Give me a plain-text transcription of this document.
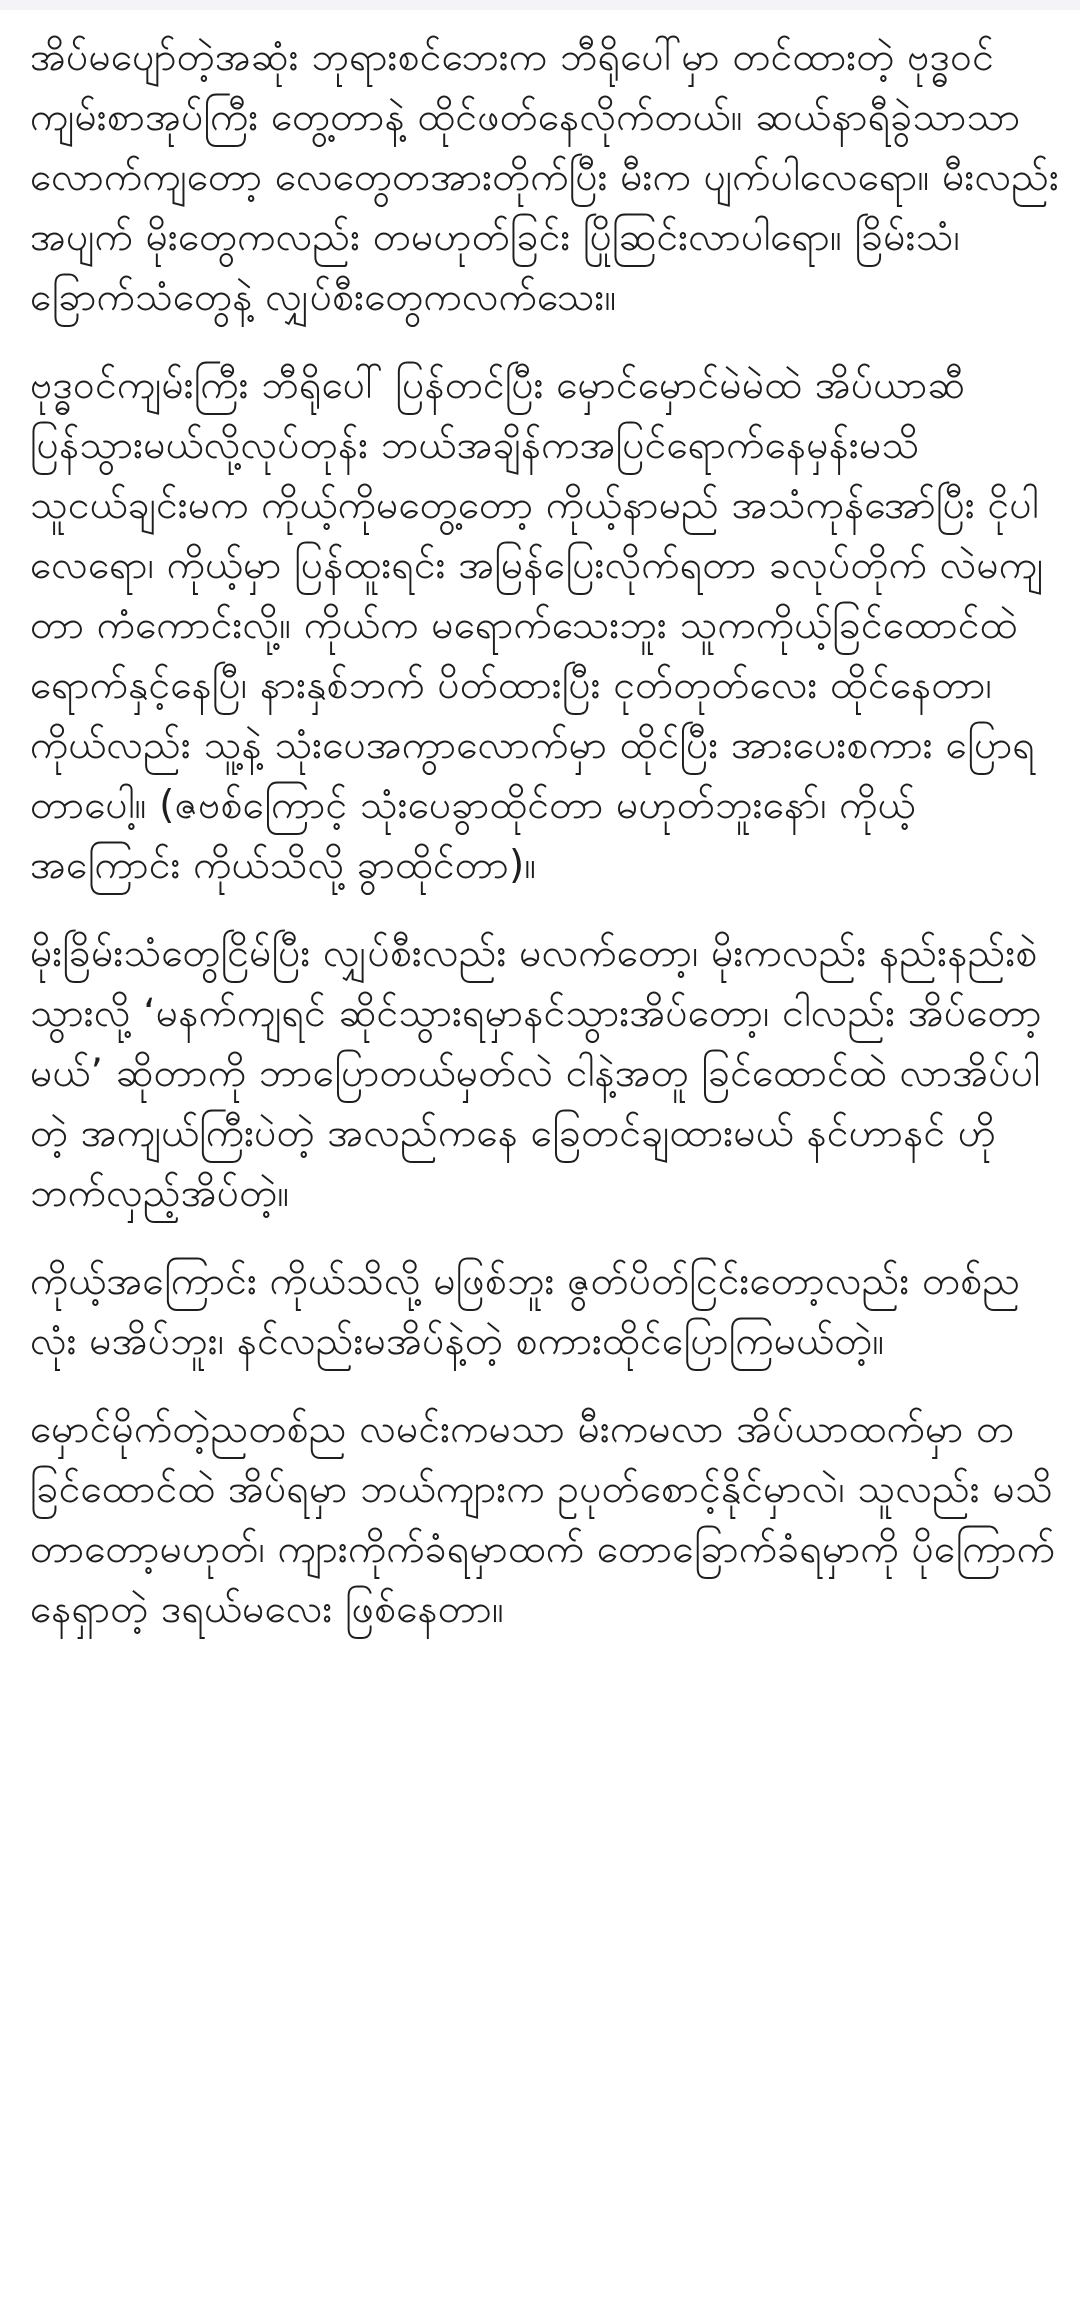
အိပ်မပျော်တဲ့အဆုံး ဘုရားစင်ဘေးက ဘီရိုပေါ်မှာ တင်ထားတဲ့ ဗုဒ္ဓဝင် ကျမ်းစာအုပ်ကြီး တွေ့တာနဲ့ ထိုင်ဖတ်နေလိုက်တယ်။ ဆယ်နာရီခွဲသာသာလောက်ကျတော့ လေတွေတအားတိုက်ပြီး မီးက ပျက်ပါလေရော။ မီးလည်းအပျက် မိုးတွေကလည်း တမဟုတ်ခြင်း ပြိုဆြင်းလာပါရော။ ခြိမ်းသံ၊ ခြောက်သံတွေနဲ့ လျှပ်စီးတွေကလက်သေး။

ဗုဒ္ဓဝင်ကျမ်းကြီး ဘီရိုပေါ် ပြန်တင်ပြီး မှောင်မှောင်မဲမဲထဲ အိပ်ယာဆီ ပြန်သွားမယ်လို့လုပ်တုန်း ဘယ်အချိန်ကအပြင်ရောက်နေမှန်းမသိ သူငယ်ချင်းမက ကိုယ့်ကိုမတွေ့တော့ ကိုယ့်နာမည် အသံကုန်အော်ပြီး ငိုပါလေရော၊ ကိုယ့်မှာ ပြန်ထူးရင်း အမြန်ပြေးလိုက်ရတာ ခလုပ်တိုက် လဲမကျတာ ကံကောင်းလို့။ ကိုယ်က မရောက်သေးဘူး သူကကိုယ့်ခြင်ထောင်ထဲ ရောက်နှင့်နေပြီ၊ နားနှစ်ဘက် ပိတ်ထားပြီး ငုတ်တုတ်လေး ထိုင်နေတာ၊ ကိုယ်လည်း သူ့နဲ့ သုံးပေအကွာလောက်မှာ ထိုင်ပြီး အားပေးစကား ပြောရတာပေါ့။ (ဇဗစ်ကြောင့် သုံးပေခွာထိုင်တာ မဟုတ်ဘူးနော်၊ ကိုယ့်အကြောင်း ကိုယ်သိလို့ ခွာထိုင်တာ)။

မိုးခြိမ်းသံတွေငြိမ်ပြီး လျှပ်စီးလည်း မလက်တော့၊ မိုးကလည်း နည်းနည်းစဲသွားလို့ ‘မနက်ကျရင် ဆိုင်သွားရမှာနင်သွားအိပ်တော့၊ ငါလည်း အိပ်တော့မယ်’ ဆိုတာကို ဘာပြောတယ်မှတ်လဲ ငါနဲ့အတူ ခြင်ထောင်ထဲ လာအိပ်ပါတဲ့ အကျယ်ကြီးပဲတဲ့ အလည်ကနေ ခြေတင်ချထားမယ် နင်ဟာနင် ဟိုဘက်လှည့်အိပ်တဲ့။

ကိုယ့်အကြောင်း ကိုယ်သိလို့ မဖြစ်ဘူး ဇွတ်ပိတ်ငြင်းတော့လည်း တစ်ညလုံး မအိပ်ဘူး၊ နင်လည်းမအိပ်နဲ့တဲ့ စကားထိုင်ပြောကြမယ်တဲ့။

မှောင်မိုက်တဲ့ညတစ်ည လမင်းကမသာ မီးကမလာ အိပ်ယာထက်မှာ တခြင်ထောင်ထဲ အိပ်ရမှာ ဘယ်ကျားက ဥပုတ်စောင့်နိုင်မှာလဲ၊ သူလည်း မသိတာတော့မဟုတ်၊ ကျားကိုက်ခံရမှာထက် တောခြောက်ခံရမှာကို ပိုကြောက်နေရှာတဲ့ ဒရယ်မလေး ဖြစ်နေတာ။
